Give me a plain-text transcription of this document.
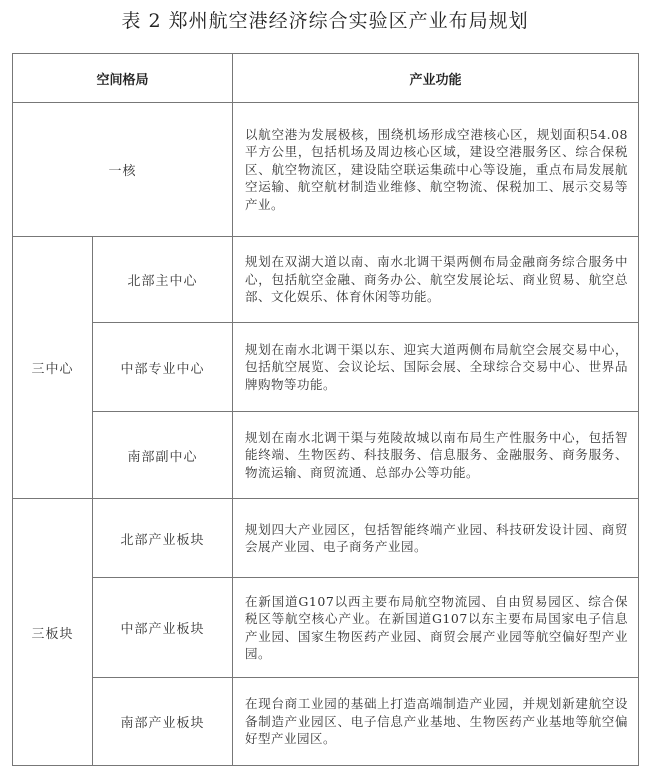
表 2 郑州航空港经济综合实验区产业布局规划
空间格局		产业功能
一核		以航空港为发展极核，围绕机场形成空港核心区，规划面积54.08平方公里，包括机场及周边核心区域，建设空港服务区、综合保税区、航空物流区，建设陆空联运集疏中心等设施，重点布局发展航空运输、航空航材制造业维修、航空物流、保税加工、展示交易等产业。
三中心	北部主中心	规划在双湖大道以南、南水北调干渠两侧布局金融商务综合服务中心，包括航空金融、商务办公、航空发展论坛、商业贸易、航空总部、文化娱乐、体育休闲等功能。
	中部专业中心	规划在南水北调干渠以东、迎宾大道两侧布局航空会展交易中心，包括航空展览、会议论坛、国际会展、全球综合交易中心、世界品牌购物等功能。
	南部副中心	规划在南水北调干渠与苑陵故城以南布局生产性服务中心，包括智能终端、生物医药、科技服务、信息服务、金融服务、商务服务、物流运输、商贸流通、总部办公等功能。
三板块	北部产业板块	规划四大产业园区，包括智能终端产业园、科技研发设计园、商贸会展产业园、电子商务产业园。
	中部产业板块	在新国道G107以西主要布局航空物流园、自由贸易园区、综合保税区等航空核心产业。在新国道G107以东主要布局国家电子信息产业园、国家生物医药产业园、商贸会展产业园等航空偏好型产业园。
	南部产业板块	在现台商工业园的基础上打造高端制造产业园，并规划新建航空设备制造产业园区、电子信息产业基地、生物医药产业基地等航空偏好型产业园区。
